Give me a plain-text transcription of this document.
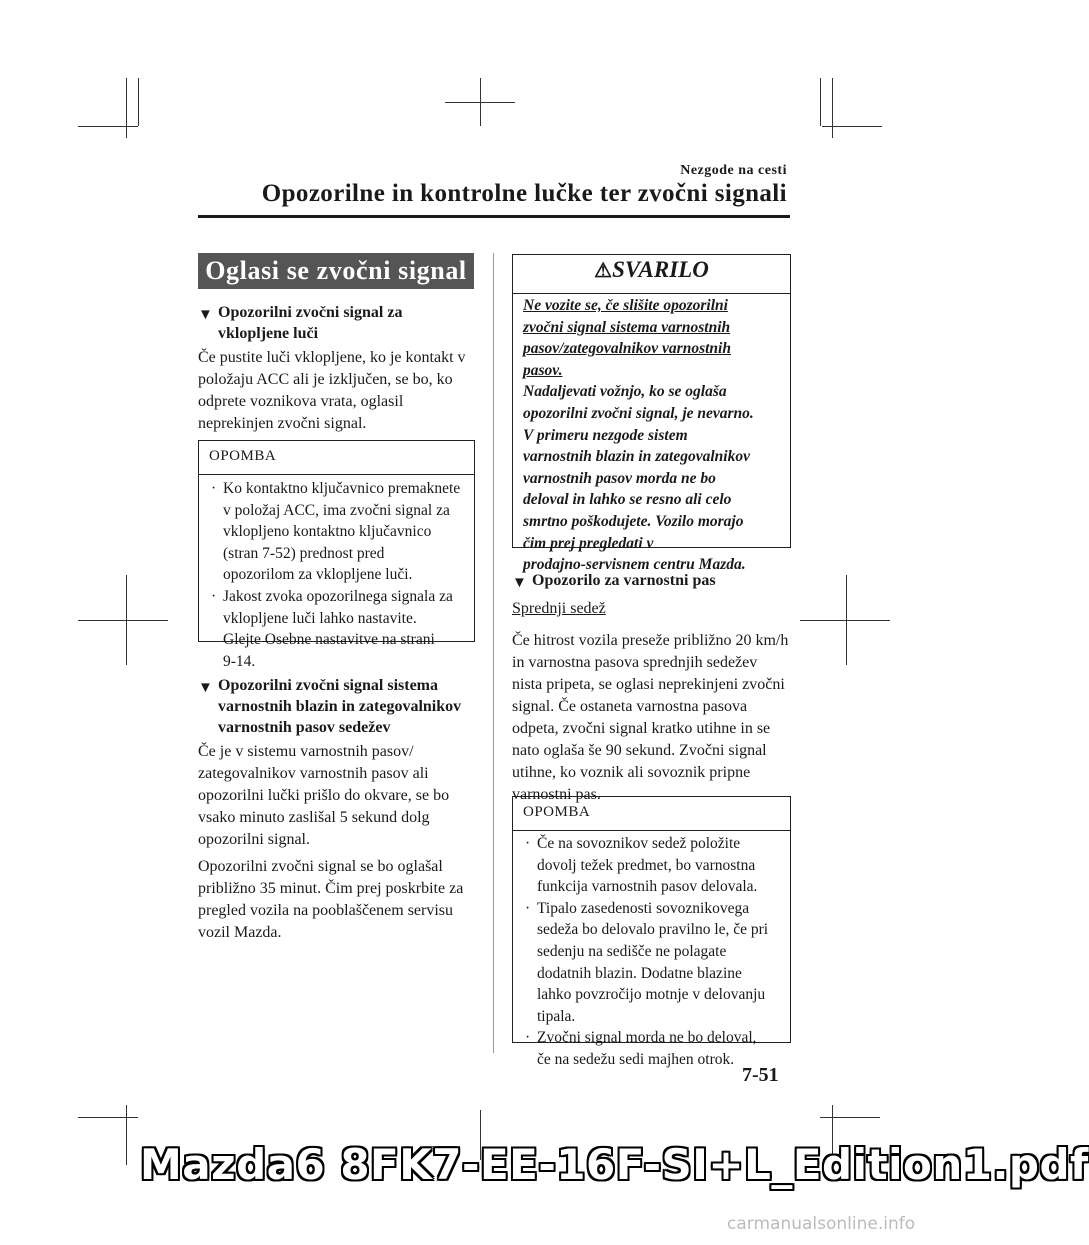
Nezgode na cesti
Opozorilne in kontrolne lučke ter zvočni signali
Oglasi se zvočni signal
▼ Opozorilni zvočni signal za
vklopljene luči
Če pustite luči vklopljene, ko je kontakt v
položaju ACC ali je izključen, se bo, ko
odprete voznikova vrata, oglasil
neprekinjen zvočni signal.
OPOMBA
· Ko kontaktno ključavnico premaknete
v položaj ACC, ima zvočni signal za
vklopljeno kontaktno ključavnico
(stran 7-52) prednost pred
opozorilom za vklopljene luči.
· Jakost zvoka opozorilnega signala za
vklopljene luči lahko nastavite.
Glejte Osebne nastavitve na strani
9-14.
▼ Opozorilni zvočni signal sistema
varnostnih blazin in zategovalnikov
varnostnih pasov sedežev
Če je v sistemu varnostnih pasov/
zategovalnikov varnostnih pasov ali
opozorilni lučki prišlo do okvare, se bo
vsako minuto zaslišal 5 sekund dolg
opozorilni signal.
Opozorilni zvočni signal se bo oglašal
približno 35 minut. Čim prej poskrbite za
pregled vozila na pooblaščenem servisu
vozil Mazda.
⚠SVARILO
Ne vozite se, če slišite opozorilni
zvočni signal sistema varnostnih
pasov/zategovalnikov varnostnih
pasov.
Nadaljevati vožnjo, ko se oglaša
opozorilni zvočni signal, je nevarno.
V primeru nezgode sistem
varnostnih blazin in zategovalnikov
varnostnih pasov morda ne bo
deloval in lahko se resno ali celo
smrtno poškodujete. Vozilo morajo
čim prej pregledati v
prodajno-servisnem centru Mazda.
▼ Opozorilo za varnostni pas
Sprednji sedež
Če hitrost vozila preseže približno 20 km/h
in varnostna pasova sprednjih sedežev
nista pripeta, se oglasi neprekinjeni zvočni
signal. Če ostaneta varnostna pasova
odpeta, zvočni signal kratko utihne in se
nato oglaša še 90 sekund. Zvočni signal
utihne, ko voznik ali sovoznik pripne
varnostni pas.
OPOMBA
· Če na sovoznikov sedež položite
dovolj težek predmet, bo varnostna
funkcija varnostnih pasov delovala.
· Tipalo zasedenosti sovoznikovega
sedeža bo delovalo pravilno le, če pri
sedenju na sedišče ne polagate
dodatnih blazin. Dodatne blazine
lahko povzročijo motnje v delovanju
tipala.
· Zvočni signal morda ne bo deloval,
če na sedežu sedi majhen otrok.
7-51
Mazda6 8FK7-EE-16F-SI+L_Edition1.pdf
carmanualsonline.info
